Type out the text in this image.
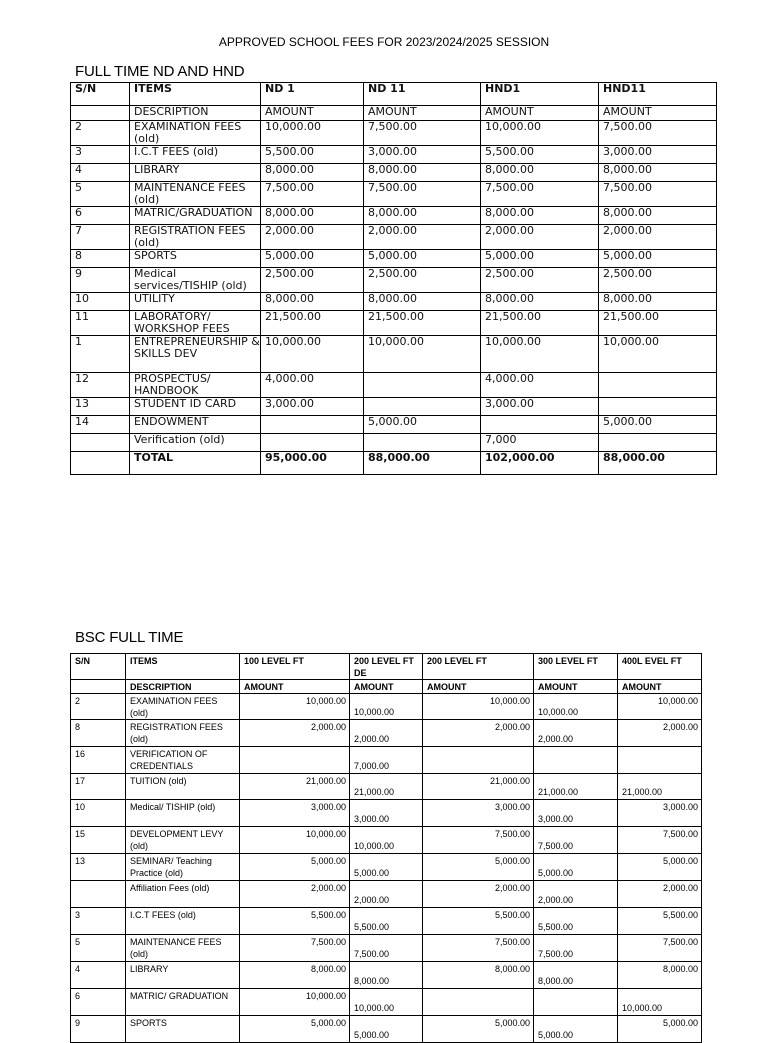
APPROVED SCHOOL FEES FOR 2023/2024/2025 SESSION
FULL TIME ND AND HND
S/N	ITEMS	ND 1	ND 11	HND1	HND11
	DESCRIPTION	AMOUNT	AMOUNT	AMOUNT	AMOUNT
2	EXAMINATION FEES (old)	10,000.00	7,500.00	10,000.00	7,500.00
3	I.C.T FEES (old)	5,500.00	3,000.00	5,500.00	3,000.00
4	LIBRARY	8,000.00	8,000.00	8,000.00	8,000.00
5	MAINTENANCE FEES (old)	7,500.00	7,500.00	7,500.00	7,500.00
6	MATRIC/GRADUATION	8,000.00	8,000.00	8,000.00	8,000.00
7	REGISTRATION FEES (old)	2,000.00	2,000.00	2,000.00	2,000.00
8	SPORTS	5,000.00	5,000.00	5,000.00	5,000.00
9	Medical services/TISHIP (old)	2,500.00	2,500.00	2,500.00	2,500.00
10	UTILITY	8,000.00	8,000.00	8,000.00	8,000.00
11	LABORATORY/ WORKSHOP FEES	21,500.00	21,500.00	21,500.00	21,500.00
1	ENTREPRENEURSHIP & SKILLS DEV	10,000.00	10,000.00	10,000.00	10,000.00
12	PROSPECTUS/ HANDBOOK	4,000.00		4,000.00	
13	STUDENT ID CARD	3,000.00		3,000.00	
14	ENDOWMENT		5,000.00		5,000.00
	Verification (old)			7,000	
	TOTAL	95,000.00	88,000.00	102,000.00	88,000.00
BSC FULL TIME
S/N	ITEMS	100 LEVEL FT	200 LEVEL FT DE	200 LEVEL FT	300 LEVEL FT	400L EVEL FT
	DESCRIPTION	AMOUNT	AMOUNT	AMOUNT	AMOUNT	AMOUNT
2	EXAMINATION FEES (old)	10,000.00	10,000.00	10,000.00	10,000.00	10,000.00
8	REGISTRATION FEES (old)	2,000.00	2,000.00	2,000.00	2,000.00	2,000.00
16	VERIFICATION OF CREDENTIALS		7,000.00			
17	TUITION (old)	21,000.00	21,000.00	21,000.00	21,000.00	21,000.00
10	Medical/ TISHIP (old)	3,000.00	3,000.00	3,000.00	3,000.00	3,000.00
15	DEVELOPMENT LEVY (old)	10,000.00	10,000.00	7,500.00	7,500.00	7,500.00
13	SEMINAR/ Teaching Practice (old)	5,000.00	5,000.00	5,000.00	5,000.00	5,000.00
	Affiliation Fees (old)	2,000.00	2,000.00	2,000.00	2,000.00	2,000.00
3	I.C.T FEES (old)	5,500.00	5,500.00	5,500.00	5,500.00	5,500.00
5	MAINTENANCE FEES (old)	7,500.00	7,500.00	7,500.00	7,500.00	7,500.00
4	LIBRARY	8,000.00	8,000.00	8,000.00	8,000.00	8,000.00
6	MATRIC/ GRADUATION	10,000.00	10,000.00			10,000.00
9	SPORTS	5,000.00	5,000.00	5,000.00	5,000.00	5,000.00
